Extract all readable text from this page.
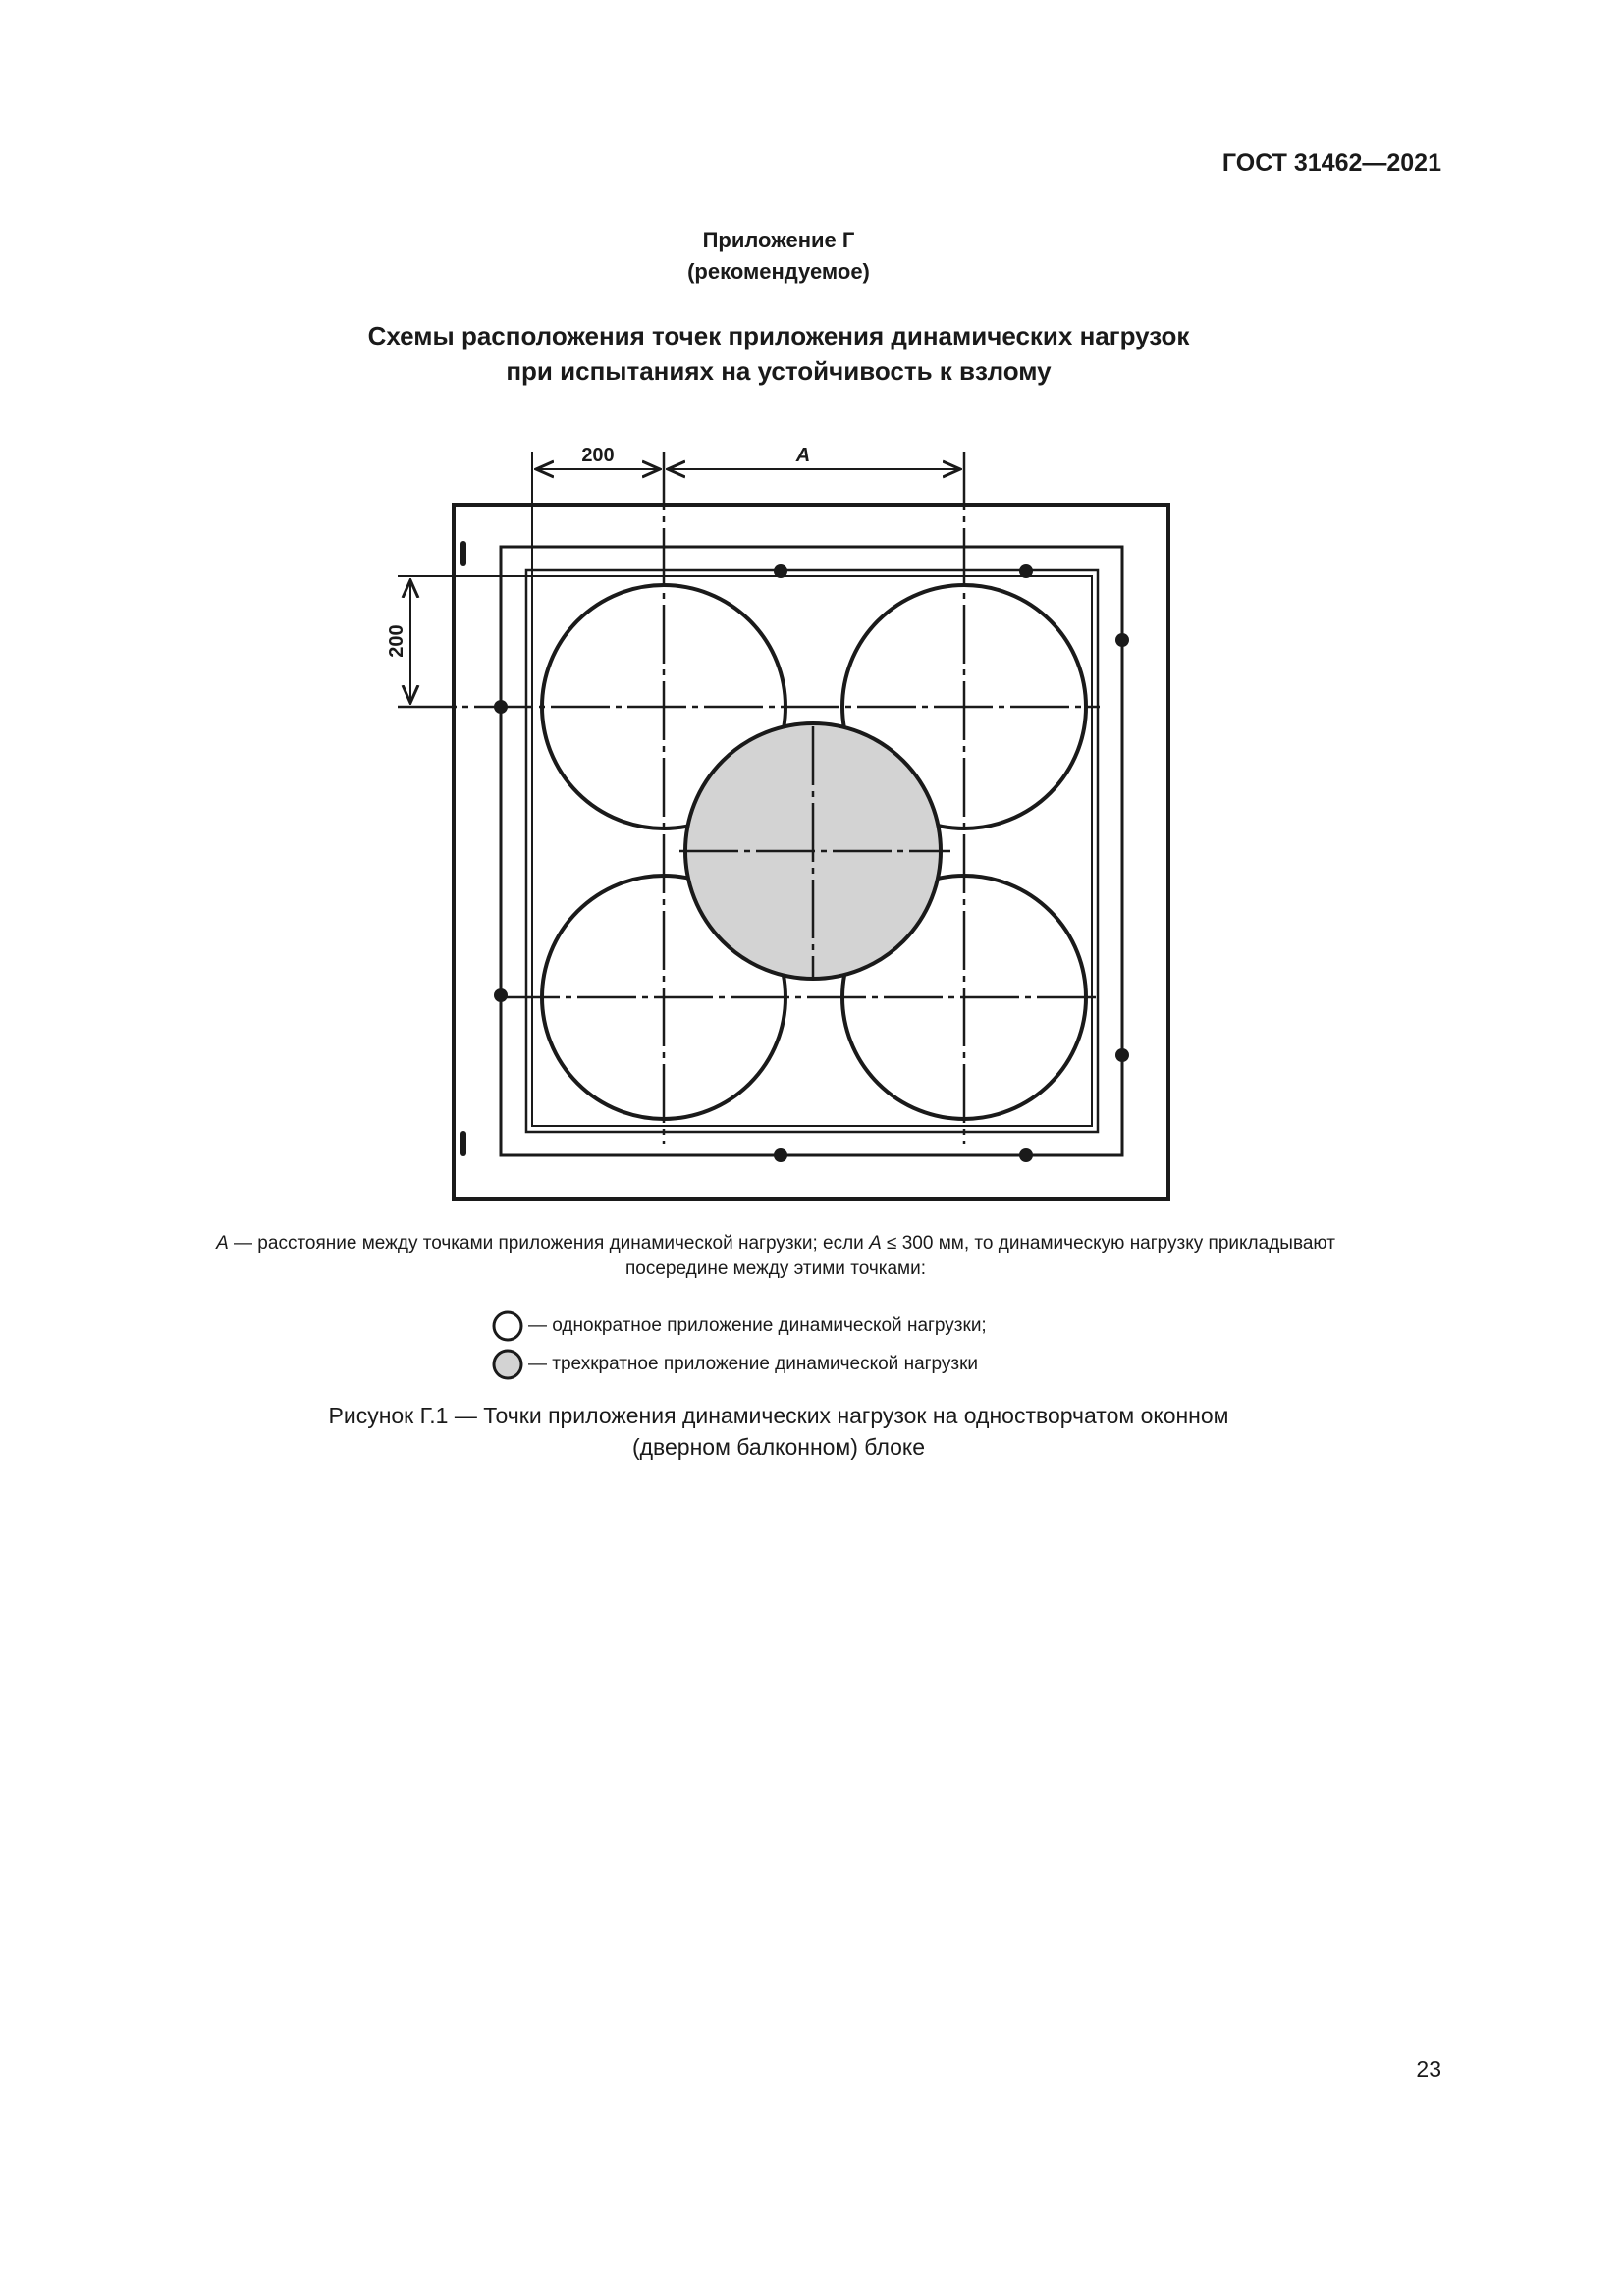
ГОСТ 31462—2021
Приложение Г
(рекомендуемое)
Схемы расположения точек приложения динамических нагрузок
при испытаниях на устойчивость к взлому
200	A
200
A — расстояние между точками приложения динамической нагрузки; если A ≤ 300 мм, то динамическую нагрузку прикладывают
посередине между этими точками:
— однократное приложение динамической нагрузки;
— трехкратное приложение динамической нагрузки
Рисунок Г.1 — Точки приложения динамических нагрузок на одностворчатом оконном
(дверном балконном) блоке
23
